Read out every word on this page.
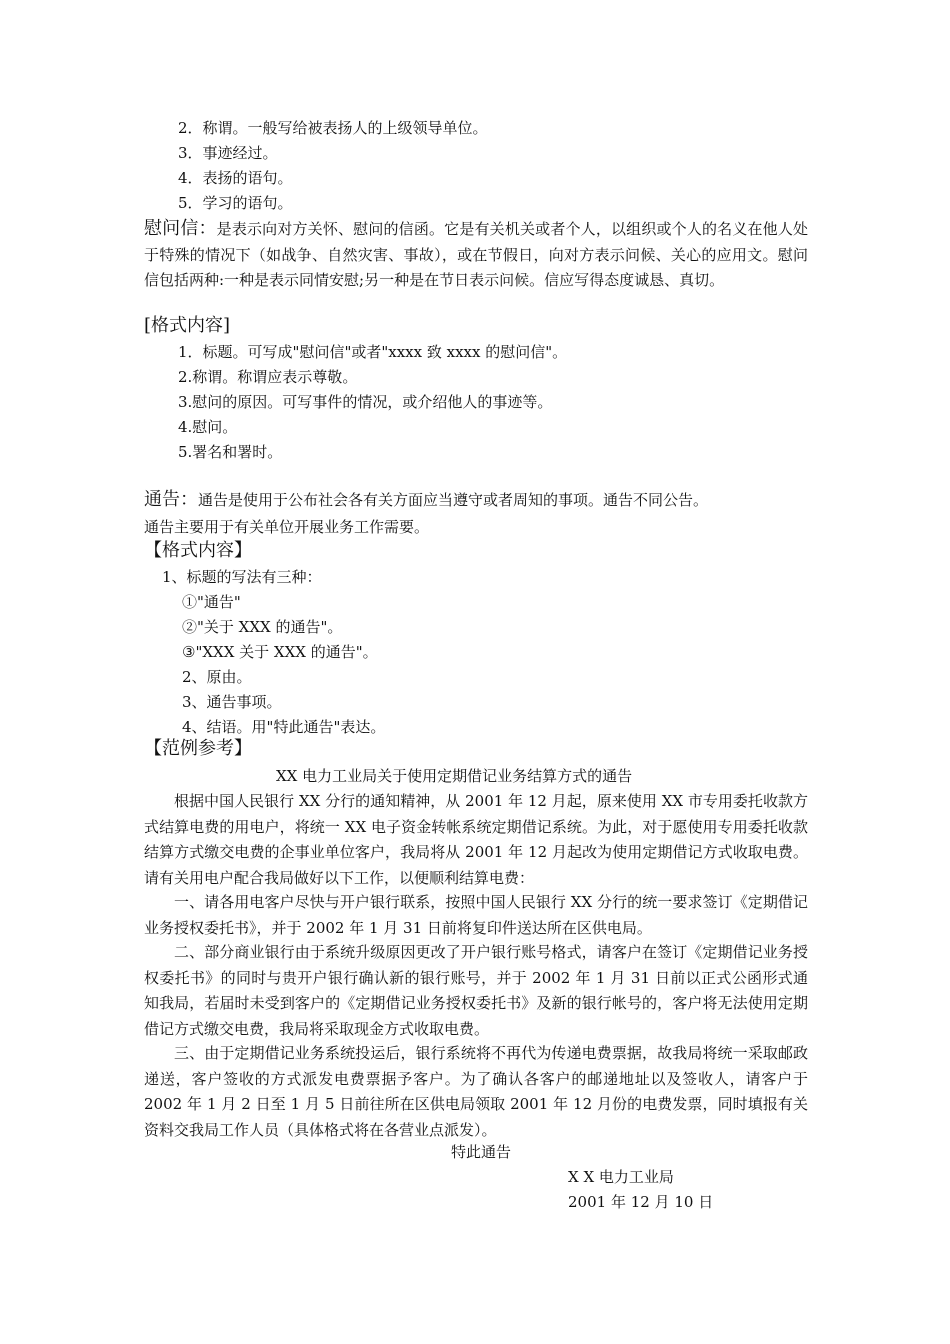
2．称谓。一般写给被表扬人的上级领导单位。
3．事迹经过。
4．表扬的语句。
5．学习的语句。
慰问信：是表示向对方关怀、慰问的信函。它是有关机关或者个人，以组织或个人的名义在他人处于特殊的情况下（如战争、自然灾害、事故），或在节假日，向对方表示问候、关心的应用文。慰问信包括两种:一种是表示同情安慰;另一种是在节日表示问候。信应写得态度诚恳、真切。
[格式内容]
1．标题。可写成"慰问信"或者"xxxx 致 xxxx 的慰问信"。
2.称谓。称谓应表示尊敬。
3.慰问的原因。可写事件的情况，或介绍他人的事迹等。
4.慰问。
5.署名和署时。
通告：通告是使用于公布社会各有关方面应当遵守或者周知的事项。通告不同公告。
通告主要用于有关单位开展业务工作需要。
【格式内容】
1、标题的写法有三种：
①"通告"
②"关于 XXX 的通告"。
③"XXX 关于 XXX 的通告"。
2、原由。
3、通告事项。
4、结语。用"特此通告"表达。
【范例参考】
XX 电力工业局关于使用定期借记业务结算方式的通告
根据中国人民银行 XX 分行的通知精神，从 2001 年 12 月起，原来使用 XX 市专用委托收款方式结算电费的用电户，将统一 XX 电子资金转帐系统定期借记系统。为此，对于愿使用专用委托收款结算方式缴交电费的企事业单位客户，我局将从 2001 年 12 月起改为使用定期借记方式收取电费。请有关用电户配合我局做好以下工作，以便顺利结算电费：
一、请各用电客户尽快与开户银行联系，按照中国人民银行 XX 分行的统一要求签订《定期借记业务授权委托书》，并于 2002 年 1 月 31 日前将复印件送达所在区供电局。
二、部分商业银行由于系统升级原因更改了开户银行账号格式，请客户在签订《定期借记业务授权委托书》的同时与贵开户银行确认新的银行账号，并于 2002 年 1 月 31 日前以正式公函形式通知我局，若届时未受到客户的《定期借记业务授权委托书》及新的银行帐号的，客户将无法使用定期借记方式缴交电费，我局将采取现金方式收取电费。
三、由于定期借记业务系统投运后，银行系统将不再代为传递电费票据，故我局将统一采取邮政递送，客户签收的方式派发电费票据予客户。为了确认各客户的邮递地址以及签收人，请客户于 2002 年 1 月 2 日至 1 月 5 日前往所在区供电局领取 2001 年 12 月份的电费发票，同时填报有关资料交我局工作人员（具体格式将在各营业点派发）。
特此通告
X X 电力工业局
2001 年 12 月 10 日
